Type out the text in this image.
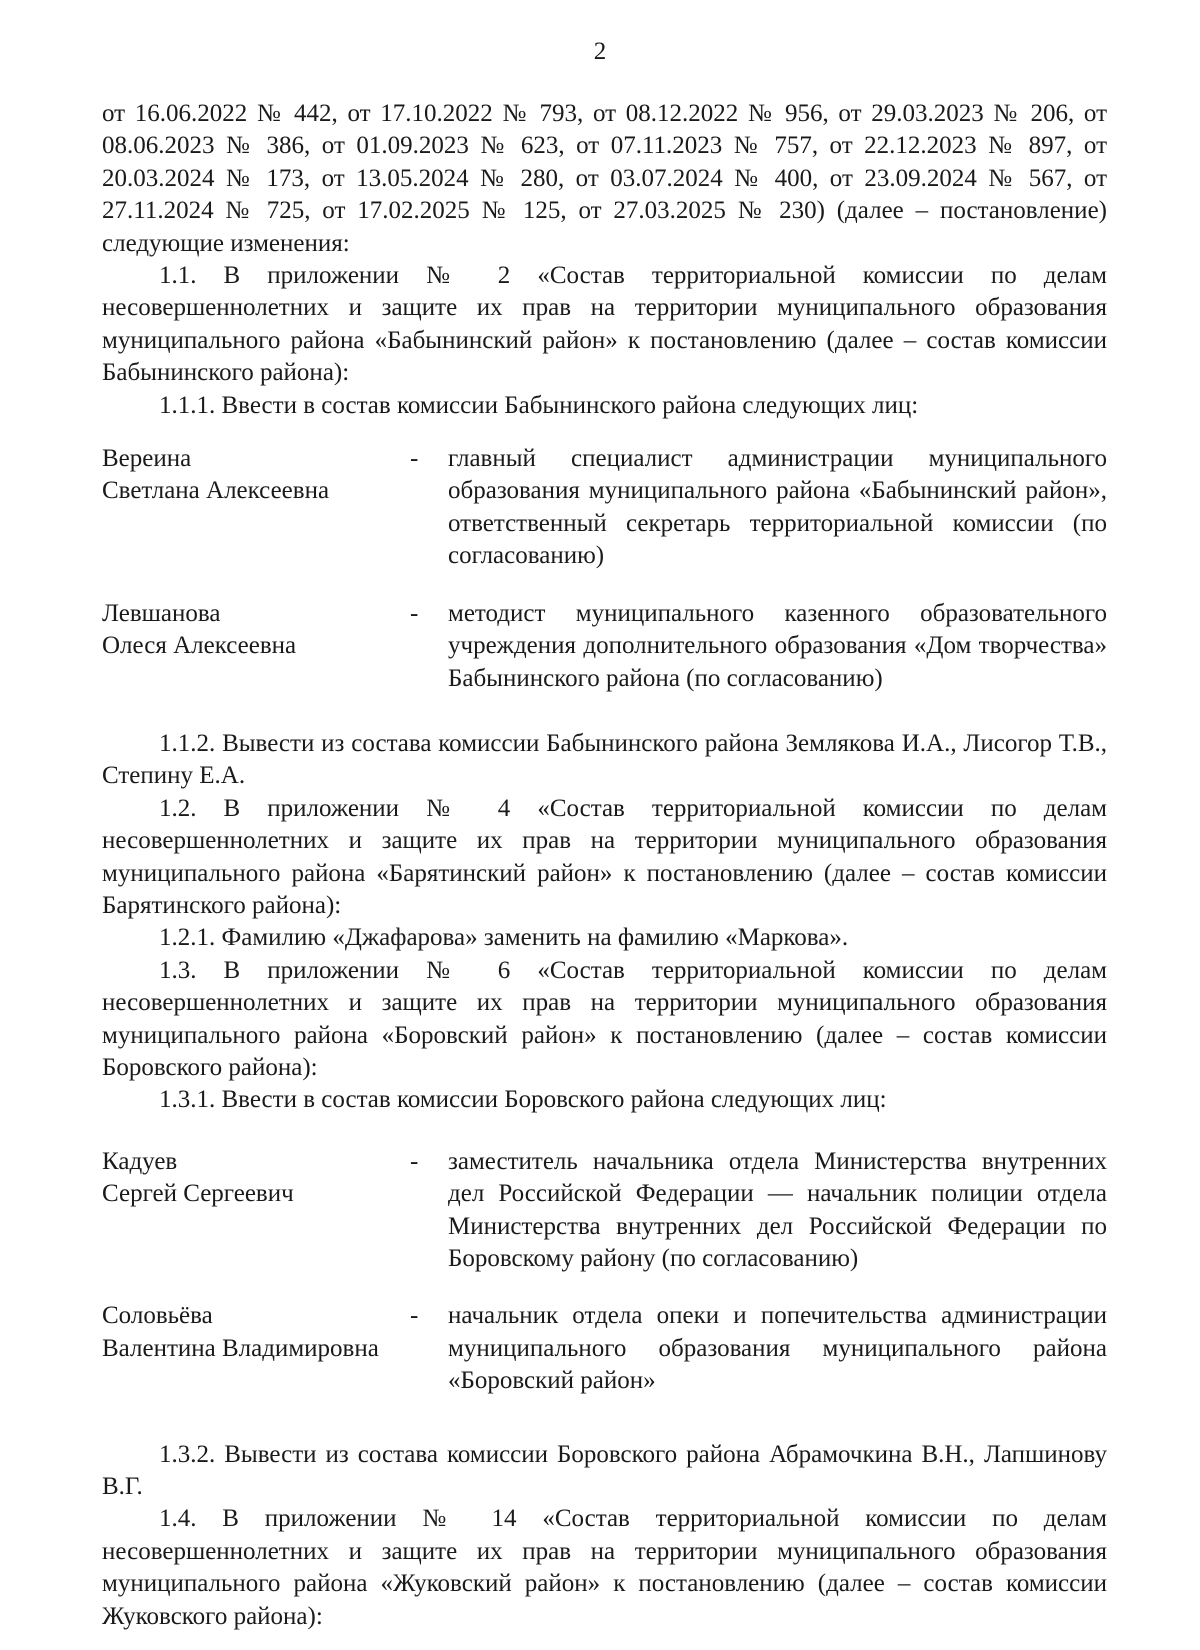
2

от 16.06.2022 № 442, от 17.10.2022 № 793, от 08.12.2022 № 956, от 29.03.2023 № 206, от 08.06.2023 № 386, от 01.09.2023 № 623, от 07.11.2023 № 757, от 22.12.2023 № 897, от 20.03.2024 № 173, от 13.05.2024 № 280, от 03.07.2024 № 400, от 23.09.2024 № 567, от 27.11.2024 № 725, от 17.02.2025 № 125, от 27.03.2025 № 230) (далее – постановление) следующие изменения:

1.1. В приложении № 2 «Состав территориальной комиссии по делам несовершеннолетних и защите их прав на территории муниципального образования муниципального района «Бабынинский район» к постановлению (далее – состав комиссии Бабынинского района):

1.1.1. Ввести в состав комиссии Бабынинского района следующих лиц:

Вереина
Светлана Алексеевна
-	главный специалист администрации муниципального образования муниципального района «Бабынинский район», ответственный секретарь территориальной комиссии (по согласованию)
Левшанова
Олеся Алексеевна
-	методист муниципального казенного образовательного учреждения дополнительного образования «Дом творчества» Бабынинского района (по согласованию)

1.1.2. Вывести из состава комиссии Бабынинского района Землякова И.А., Лисогор Т.В., Степину Е.А.

1.2. В приложении № 4 «Состав территориальной комиссии по делам несовершеннолетних и защите их прав на территории муниципального образования муниципального района «Барятинский район» к постановлению (далее – состав комиссии Барятинского района):

1.2.1. Фамилию «Джафарова» заменить на фамилию «Маркова».

1.3. В приложении № 6 «Состав территориальной комиссии по делам несовершеннолетних и защите их прав на территории муниципального образования муниципального района «Боровский район» к постановлению (далее – состав комиссии Боровского района):

1.3.1. Ввести в состав комиссии Боровского района следующих лиц:

Кадуев
Сергей Сергеевич
-	заместитель начальника отдела Министерства внутренних дел Российской Федерации — начальник полиции отдела Министерства внутренних дел Российской Федерации по Боровскому району (по согласованию)
Соловьёва
Валентина Владимировна
-	начальник отдела опеки и попечительства администрации муниципального образования муниципального района «Боровский район»

1.3.2. Вывести из состава комиссии Боровского района Абрамочкина В.Н., Лапшинову В.Г.

1.4. В приложении № 14 «Состав территориальной комиссии по делам несовершеннолетних и защите их прав на территории муниципального образования муниципального района «Жуковский район» к постановлению (далее – состав комиссии Жуковского района):
